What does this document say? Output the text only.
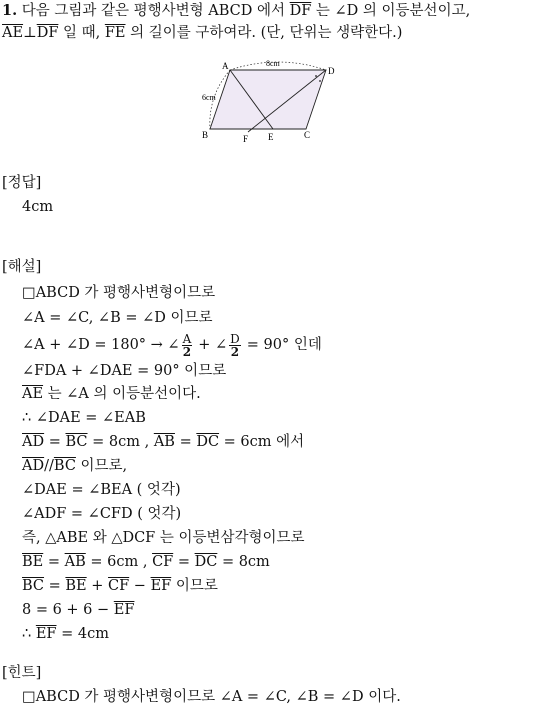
1. 다음 그림과 같은 평행사변형 ABCD 에서 $\overline{DF}$ 는 ∠D 의 이등분선이고,
$\overline{AE}\perp\overline{DF}$ 일 때, $\overline{FE}$ 의 길이를 구하여라. (단, 단위는 생략한다.)
A	D
B	C
F E
8cm
6cm
[정답]
4cm
[해설]
□ABCD 가 평행사변형이므로
∠A = ∠C, ∠B = ∠D 이므로
∠A + ∠D = 180° → ∠ $\frac{A}{2}$ + ∠ $\frac{D}{2} = 90^\circ$ 인데
∠FDA + ∠DAE = 90° 이므로
$\overline{AE}$ 는 ∠A 의 이등분선이다.
∴ ∠DAE = ∠EAB
$\overline{AD} = \overline{BC} = 8cm$ , $\overline{AB} = \overline{DC} = 6cm$ 에서
$\overline{AD}//\overline{BC}$ 이므로,
∠DAE = ∠BEA ( 엇각)
∠ADF = ∠CFD ( 엇각)
즉, △ABE 와 △DCF 는 이등변삼각형이므로
$\overline{BE} = \overline{AB} = 6cm$ , $\overline{CF} = \overline{DC} = 8cm$
$\overline{BC} = \overline{BE} + \overline{CF} - \overline{EF}$ 이므로
$8 = 6 + 6 - \overline{EF}$
∴ $\overline{EF} = 4cm$
[힌트]
□ABCD 가 평행사변형이므로 ∠A = ∠C, ∠B = ∠D 이다.
